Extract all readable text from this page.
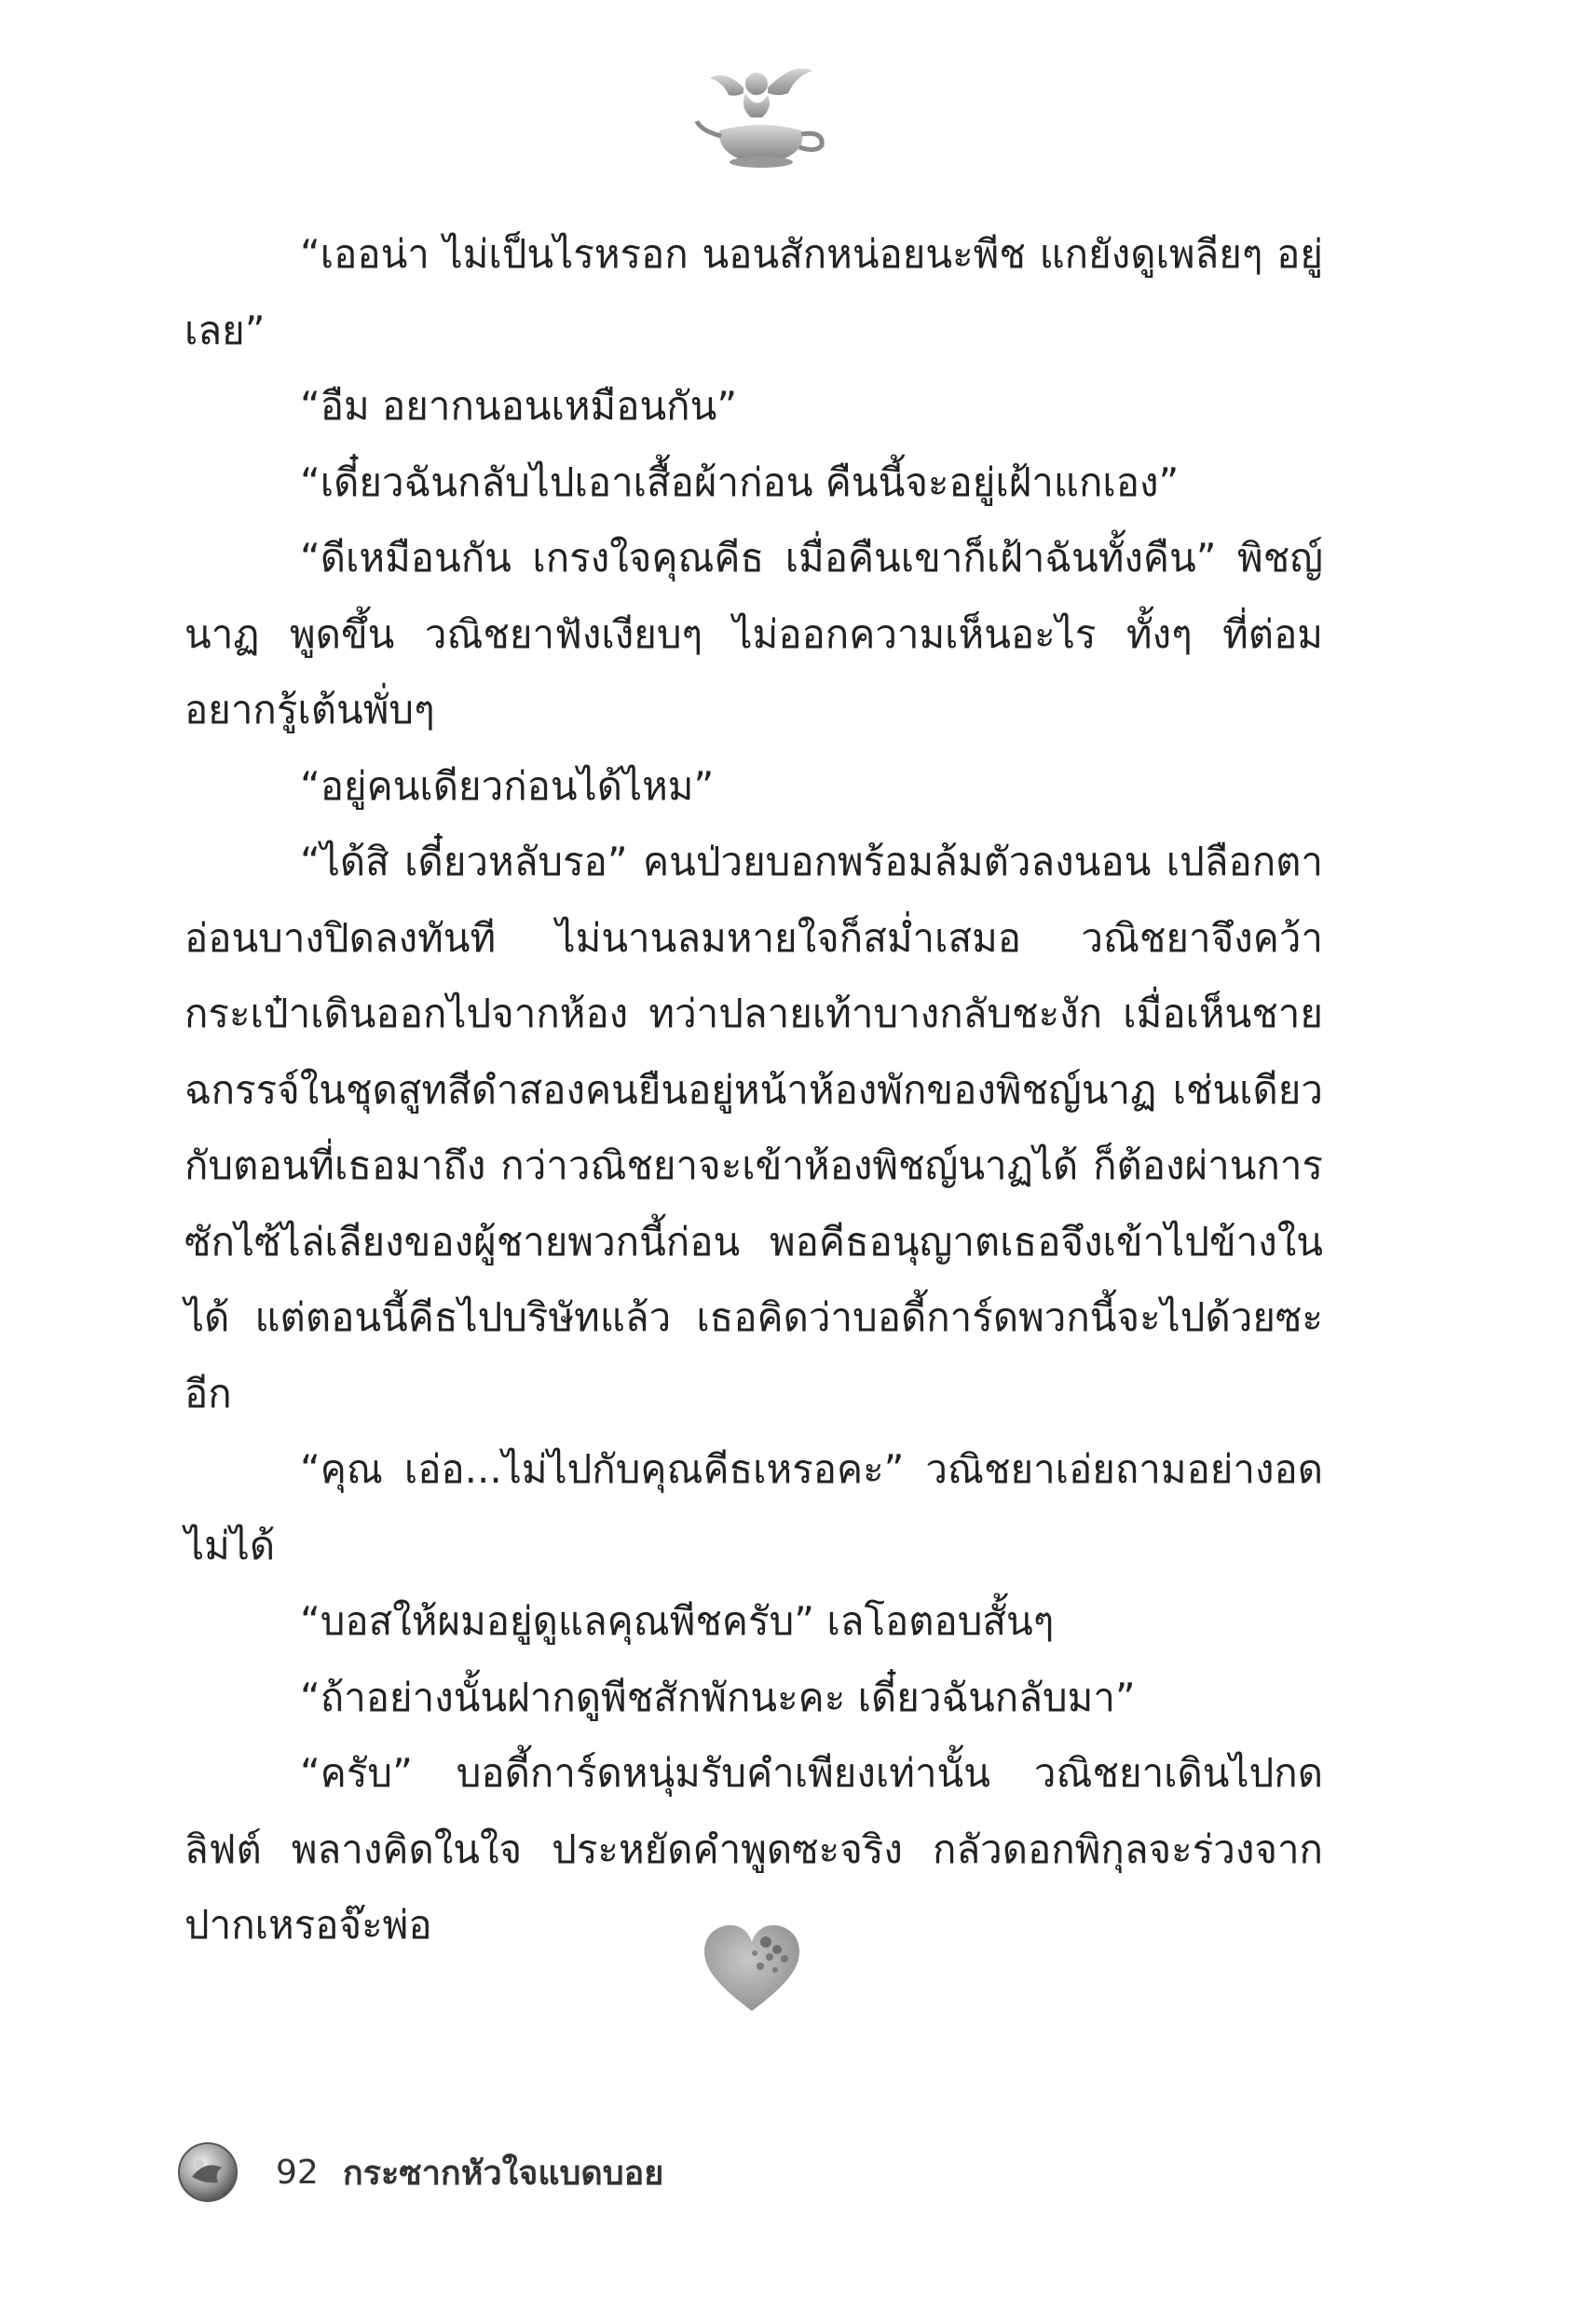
“เออน่า ไม่เป็นไรหรอก นอนสักหน่อยนะพีช แกยังดูเพลียๆ อยู่เลย”

“อืม อยากนอนเหมือนกัน”

“เดี๋ยวฉันกลับไปเอาเสื้อผ้าก่อน คืนนี้จะอยู่เฝ้าแกเอง”

“ดีเหมือนกัน เกรงใจคุณคีธ เมื่อคืนเขาก็เฝ้าฉันทั้งคืน” พิชญ์นาฏ พูดขึ้น วณิชยาฟังเงียบๆ ไม่ออกความเห็นอะไร ทั้งๆ ที่ต่อมอยากรู้เต้นพั่บๆ

“อยู่คนเดียวก่อนได้ไหม”

“ได้สิ เดี๋ยวหลับรอ” คนป่วยบอกพร้อมล้มตัวลงนอน เปลือกตาอ่อนบางปิดลงทันที ไม่นานลมหายใจก็สม่ำเสมอ วณิชยาจึงคว้ากระเป๋าเดินออกไปจากห้อง ทว่าปลายเท้าบางกลับชะงัก เมื่อเห็นชายฉกรรจ์ในชุดสูทสีดำสองคนยืนอยู่หน้าห้องพักของพิชญ์นาฏ เช่นเดียวกับตอนที่เธอมาถึง กว่าวณิชยาจะเข้าห้องพิชญ์นาฏได้ ก็ต้องผ่านการซักไซ้ไล่เลียงของผู้ชายพวกนี้ก่อน พอคีธอนุญาตเธอจึงเข้าไปข้างในได้ แต่ตอนนี้คีธไปบริษัทแล้ว เธอคิดว่าบอดี้การ์ดพวกนี้จะไปด้วยซะอีก

“คุณ เอ่อ...ไม่ไปกับคุณคีธเหรอคะ” วณิชยาเอ่ยถามอย่างอดไม่ได้

“บอสให้ผมอยู่ดูแลคุณพีชครับ” เลโอตอบสั้นๆ

“ถ้าอย่างนั้นฝากดูพีชสักพักนะคะ เดี๋ยวฉันกลับมา”

“ครับ” บอดี้การ์ดหนุ่มรับคำเพียงเท่านั้น วณิชยาเดินไปกดลิฟต์ พลางคิดในใจ ประหยัดคำพูดซะจริง กลัวดอกพิกุลจะร่วงจากปากเหรอจ๊ะพ่อ

92 กระซากหัวใจแบดบอย
